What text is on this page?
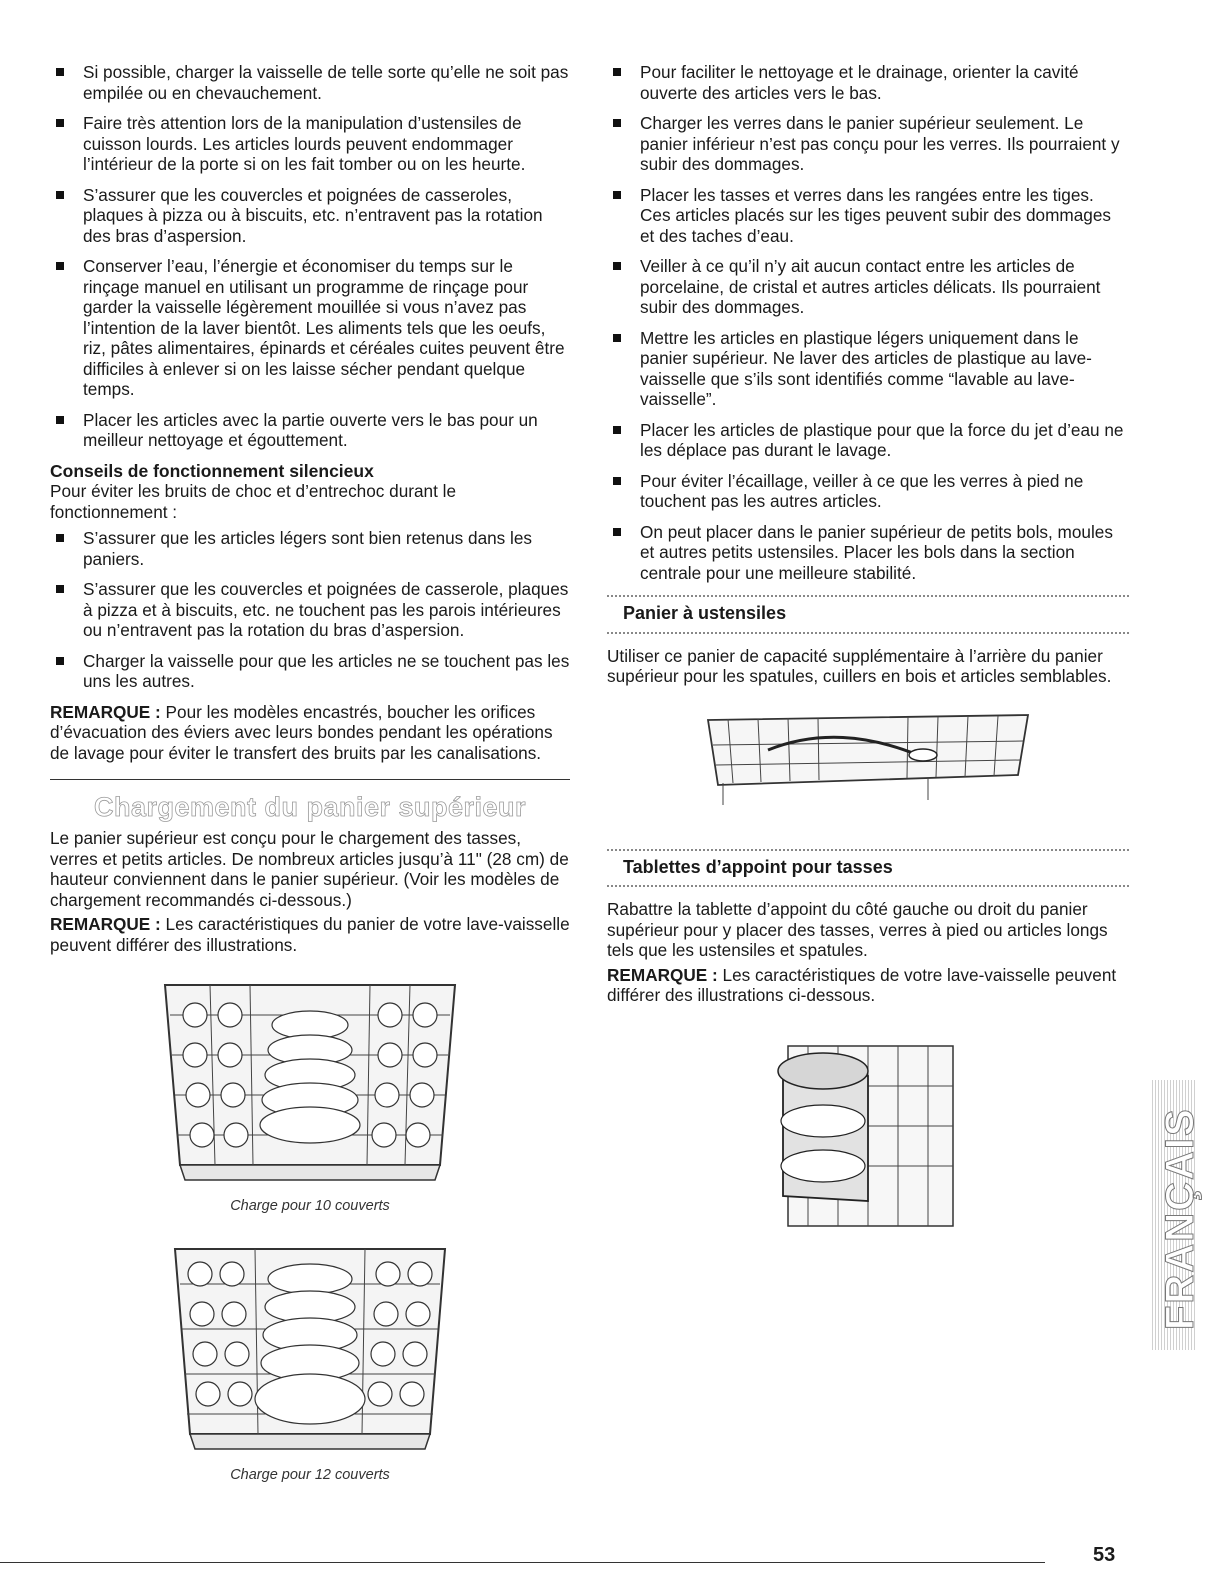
Si possible, charger la vaisselle de telle sorte qu’elle ne soit pas empilée ou en chevauchement.
Faire très attention lors de la manipulation d’ustensiles de cuisson lourds. Les articles lourds peuvent endommager l’intérieur de la porte si on les fait tomber ou on les heurte.
S’assurer que les couvercles et poignées de casseroles, plaques à pizza ou à biscuits, etc. n’entravent pas la rotation des bras d’aspersion.
Conserver l’eau, l’énergie et économiser du temps sur le rinçage manuel en utilisant un programme de rinçage pour garder la vaisselle légèrement mouillée si vous n’avez pas l’intention de la laver bientôt. Les aliments tels que les oeufs, riz, pâtes alimentaires, épinards et céréales cuites peuvent être difficiles à enlever si on les laisse sécher pendant quelque temps.
Placer les articles avec la partie ouverte vers le bas pour un meilleur nettoyage et égouttement.
Conseils de fonctionnement silencieux

Pour éviter les bruits de choc et d’entrechoc durant le fonctionnement :

S’assurer que les articles légers sont bien retenus dans les paniers.
S’assurer que les couvercles et poignées de casserole, plaques à pizza et à biscuits, etc. ne touchent pas les parois intérieures ou n’entravent pas la rotation du bras d’aspersion.
Charger la vaisselle pour que les articles ne se touchent pas les uns les autres.

REMARQUE : Pour les modèles encastrés, boucher les orifices d’évacuation des éviers avec leurs bondes pendant les opérations de lavage pour éviter le transfert des bruits par les canalisations.

Chargement du panier supérieur

Le panier supérieur est conçu pour le chargement des tasses, verres et petits articles. De nombreux articles jusqu’à 11" (28 cm) de hauteur conviennent dans le panier supérieur. (Voir les modèles de chargement recommandés ci-dessous.)

REMARQUE : Les caractéristiques du panier de votre lave-vaisselle peuvent différer des illustrations.

Charge pour 10 couverts
Charge pour 12 couverts
Pour faciliter le nettoyage et le drainage, orienter la cavité ouverte des articles vers le bas.
Charger les verres dans le panier supérieur seulement. Le panier inférieur n’est pas conçu pour les verres. Ils pourraient y subir des dommages.
Placer les tasses et verres dans les rangées entre les tiges. Ces articles placés sur les tiges peuvent subir des dommages et des taches d’eau.
Veiller à ce qu’il n’y ait aucun contact entre les articles de porcelaine, de cristal et autres articles délicats. Ils pourraient subir des dommages.
Mettre les articles en plastique légers uniquement dans le panier supérieur. Ne laver des articles de plastique au lave-vaisselle que s’ils sont identifiés comme “lavable au lave-vaisselle”.
Placer les articles de plastique pour que la force du jet d’eau ne les déplace pas durant le lavage.
Pour éviter l’écaillage, veiller à ce que les verres à pied ne touchent pas les autres articles.
On peut placer dans le panier supérieur de petits bols, moules et autres petits ustensiles. Placer les bols dans la section centrale pour une meilleure stabilité.
Panier à ustensiles

Utiliser ce panier de capacité supplémentaire à l’arrière du panier supérieur pour les spatules, cuillers en bois et articles semblables.

Tablettes d’appoint pour tasses

Rabattre la tablette d’appoint du côté gauche ou droit du panier supérieur pour y placer des tasses, verres à pied ou articles longs tels que les ustensiles et spatules.

REMARQUE : Les caractéristiques de votre lave-vaisselle peuvent différer des illustrations ci-dessous.

FRANÇAIS
53
